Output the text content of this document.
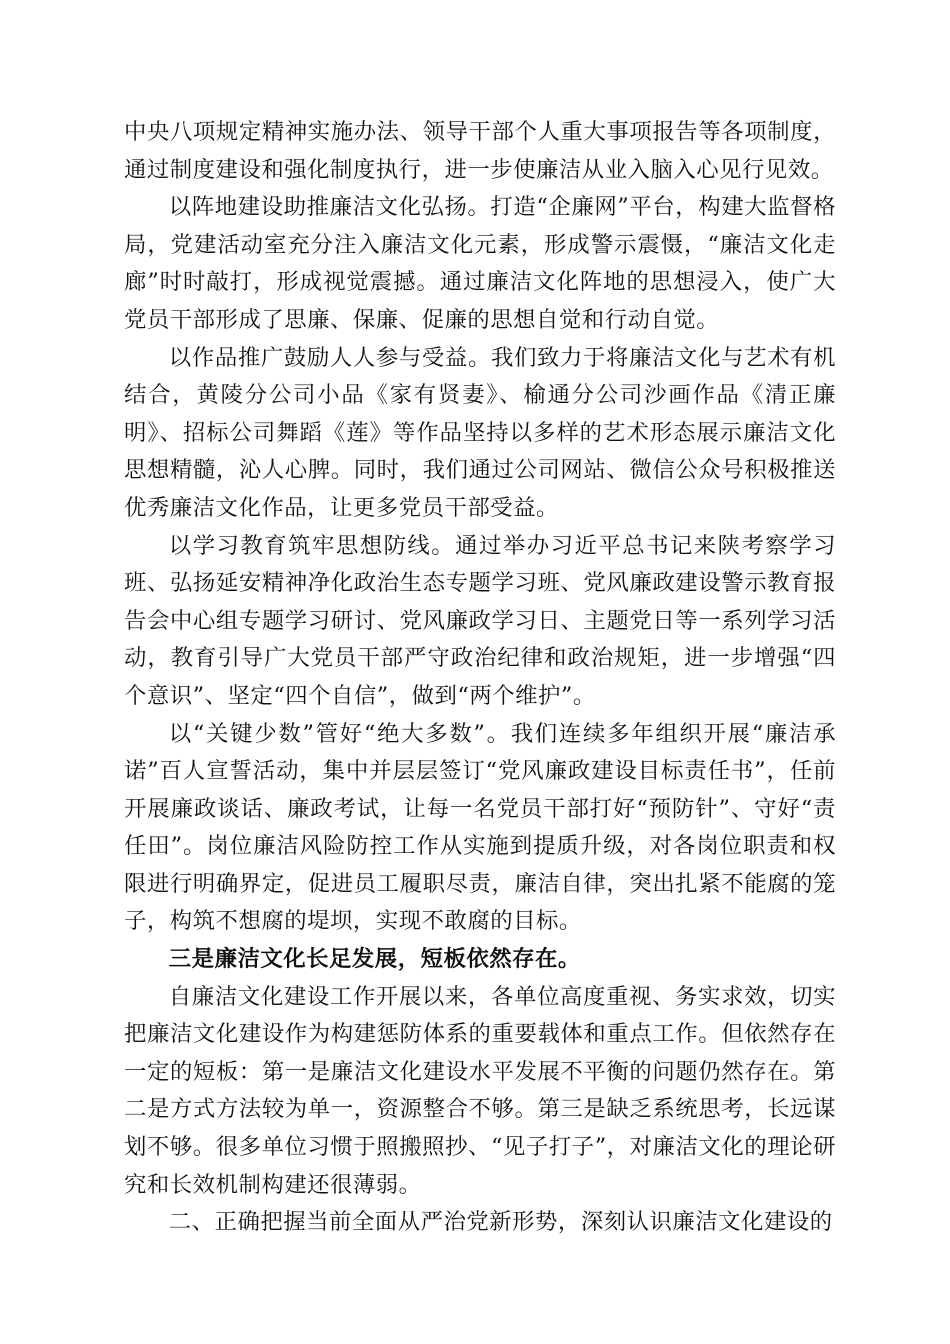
中央八项规定精神实施办法、领导干部个人重大事项报告等各项制度，通过制度建设和强化制度执行，进一步使廉洁从业入脑入心见行见效。

以阵地建设助推廉洁文化弘扬。打造“企廉网”平台，构建大监督格局，党建活动室充分注入廉洁文化元素，形成警示震慑，“廉洁文化走廊”时时敲打，形成视觉震撼。通过廉洁文化阵地的思想浸入，使广大党员干部形成了思廉、保廉、促廉的思想自觉和行动自觉。

以作品推广鼓励人人参与受益。我们致力于将廉洁文化与艺术有机结合，黄陵分公司小品《家有贤妻》、榆通分公司沙画作品《清正廉明》、招标公司舞蹈《莲》等作品坚持以多样的艺术形态展示廉洁文化思想精髓，沁人心脾。同时，我们通过公司网站、微信公众号积极推送优秀廉洁文化作品，让更多党员干部受益。

以学习教育筑牢思想防线。通过举办习近平总书记来陕考察学习班、弘扬延安精神净化政治生态专题学习班、党风廉政建设警示教育报告会中心组专题学习研讨、党风廉政学习日、主题党日等一系列学习活动，教育引导广大党员干部严守政治纪律和政治规矩，进一步增强“四个意识”、坚定“四个自信”，做到“两个维护”。

以“关键少数”管好“绝大多数”。我们连续多年组织开展“廉洁承诺”百人宣誓活动，集中并层层签订“党风廉政建设目标责任书”，任前开展廉政谈话、廉政考试，让每一名党员干部打好“预防针”、守好“责任田”。岗位廉洁风险防控工作从实施到提质升级，对各岗位职责和权限进行明确界定，促进员工履职尽责，廉洁自律，突出扎紧不能腐的笼子，构筑不想腐的堤坝，实现不敢腐的目标。

三是廉洁文化长足发展，短板依然存在。

自廉洁文化建设工作开展以来，各单位高度重视、务实求效，切实把廉洁文化建设作为构建惩防体系的重要载体和重点工作。但依然存在一定的短板：第一是廉洁文化建设水平发展不平衡的问题仍然存在。第二是方式方法较为单一，资源整合不够。第三是缺乏系统思考，长远谋划不够。很多单位习惯于照搬照抄、“见子打子”，对廉洁文化的理论研究和长效机制构建还很薄弱。

二、正确把握当前全面从严治党新形势，深刻认识廉洁文化建设的
